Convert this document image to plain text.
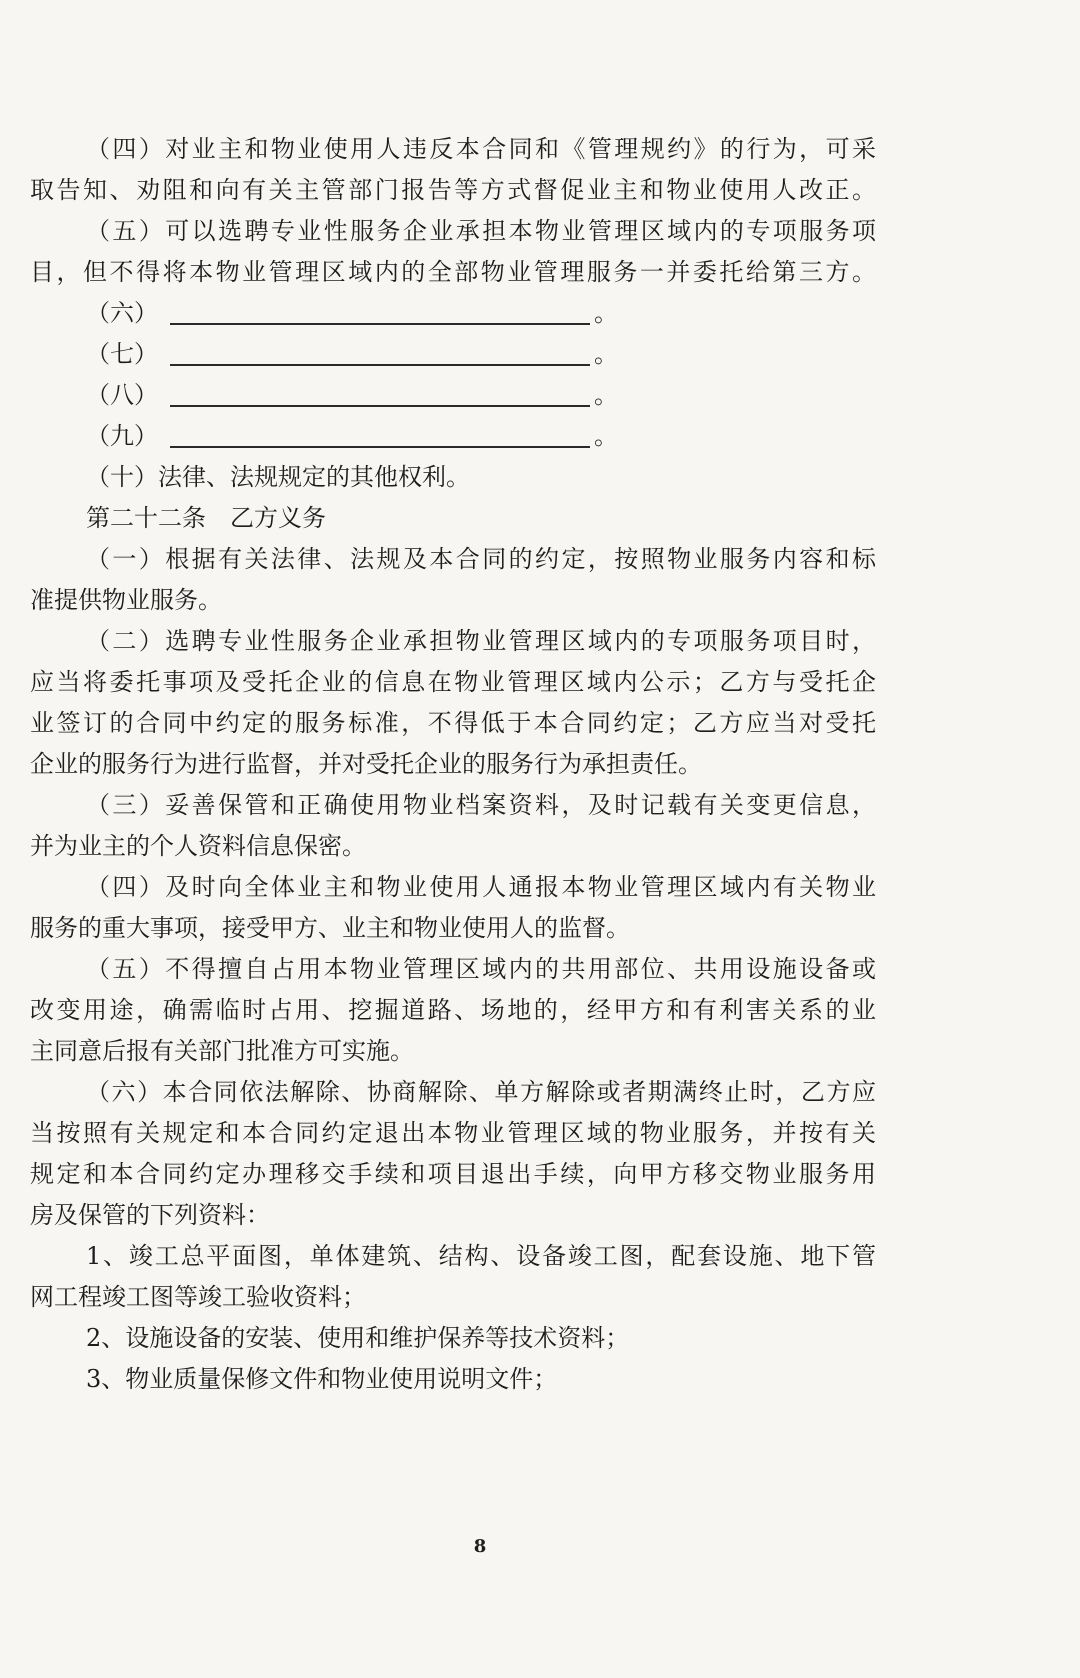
（四）对业主和物业使用人违反本合同和《管理规约》的行为，可采
取告知、劝阻和向有关主管部门报告等方式督促业主和物业使用人改正。
（五）可以选聘专业性服务企业承担本物业管理区域内的专项服务项
目，但不得将本物业管理区域内的全部物业管理服务一并委托给第三方。
（六）	。
（七）	。
（八）	。
（九）	。
（十）法律、法规规定的其他权利。
第二十二条　乙方义务
（一）根据有关法律、法规及本合同的约定，按照物业服务内容和标
准提供物业服务。
（二）选聘专业性服务企业承担物业管理区域内的专项服务项目时，
应当将委托事项及受托企业的信息在物业管理区域内公示；乙方与受托企
业签订的合同中约定的服务标准，不得低于本合同约定；乙方应当对受托
企业的服务行为进行监督，并对受托企业的服务行为承担责任。
（三）妥善保管和正确使用物业档案资料，及时记载有关变更信息，
并为业主的个人资料信息保密。
（四）及时向全体业主和物业使用人通报本物业管理区域内有关物业
服务的重大事项，接受甲方、业主和物业使用人的监督。
（五）不得擅自占用本物业管理区域内的共用部位、共用设施设备或
改变用途，确需临时占用、挖掘道路、场地的，经甲方和有利害关系的业
主同意后报有关部门批准方可实施。
（六）本合同依法解除、协商解除、单方解除或者期满终止时，乙方应
当按照有关规定和本合同约定退出本物业管理区域的物业服务，并按有关
规定和本合同约定办理移交手续和项目退出手续，向甲方移交物业服务用
房及保管的下列资料：
1、竣工总平面图，单体建筑、结构、设备竣工图，配套设施、地下管
网工程竣工图等竣工验收资料；
2、设施设备的安装、使用和维护保养等技术资料；
3、物业质量保修文件和物业使用说明文件；
8
